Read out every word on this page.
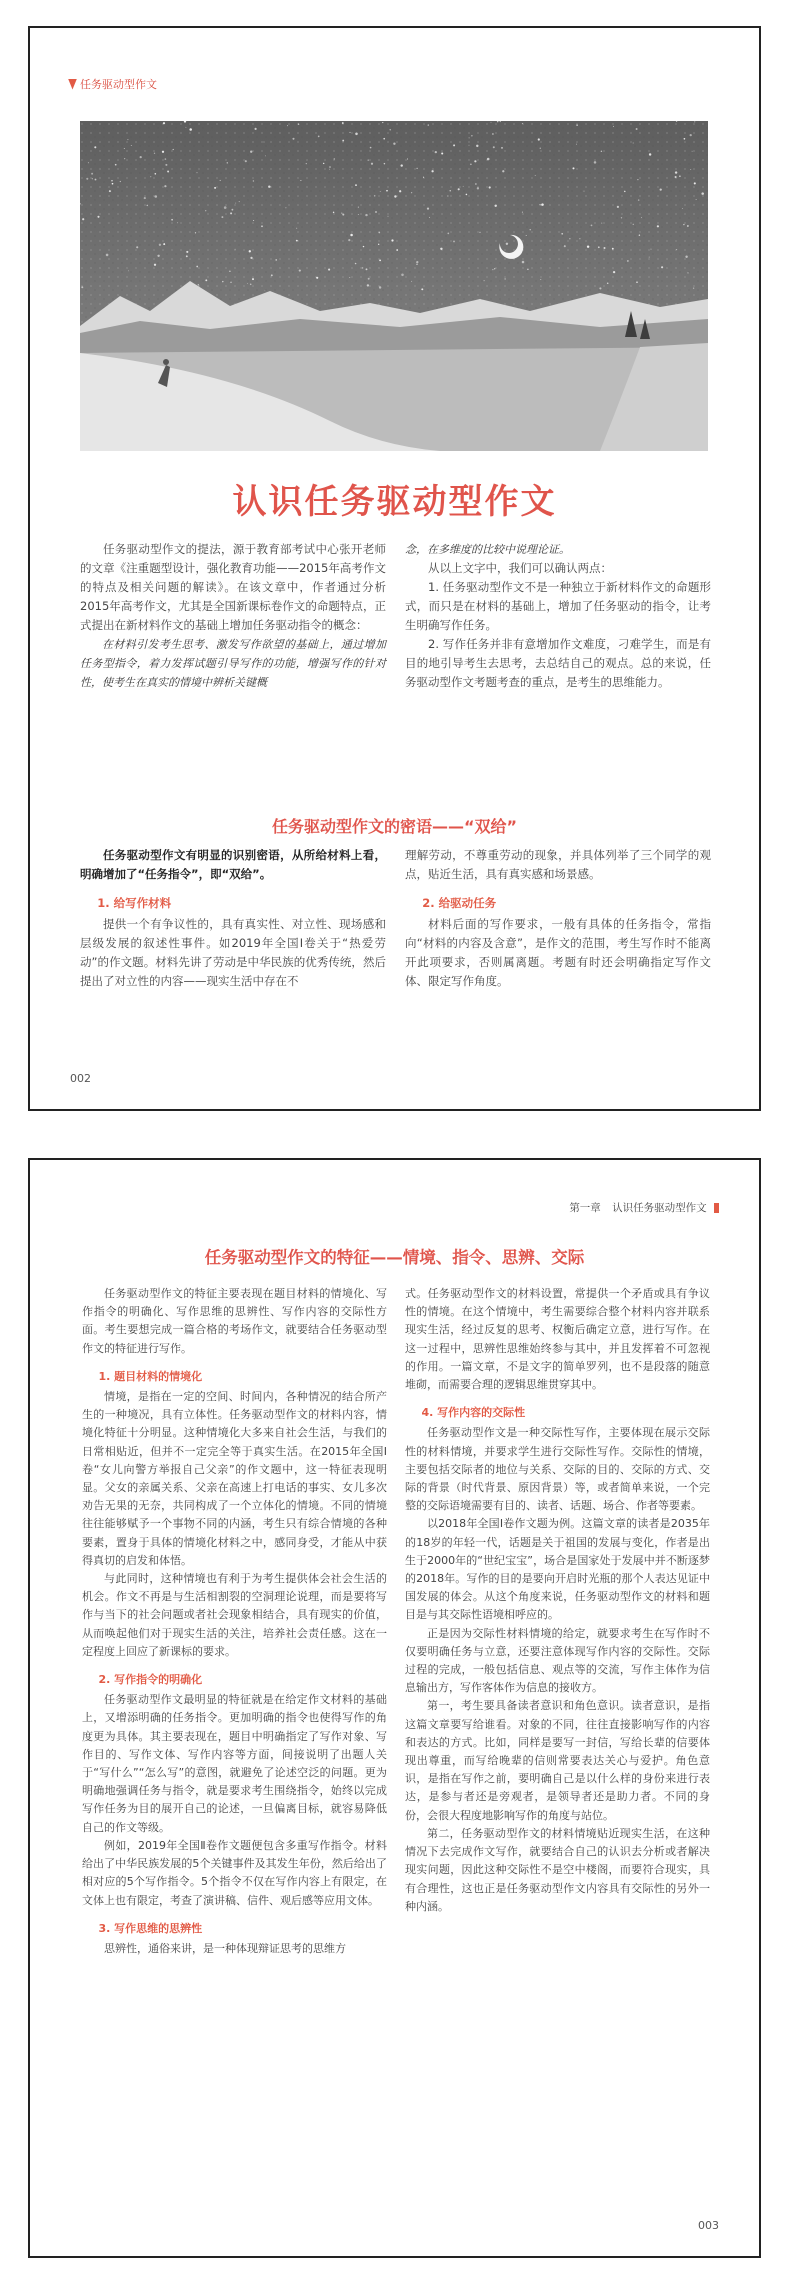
任务驱动型作文
认识任务驱动型作文

任务驱动型作文的提法，源于教育部考试中心张开老师的文章《注重题型设计，强化教育功能——2015年高考作文的特点及相关问题的解读》。在该文章中，作者通过分析2015年高考作文，尤其是全国新课标卷作文的命题特点，正式提出在新材料作文的基础上增加任务驱动指令的概念：

在材料引发考生思考、激发写作欲望的基础上，通过增加任务型指令，着力发挥试题引导写作的功能，增强写作的针对性，使考生在真实的情境中辨析关键概

念，在多维度的比较中说理论证。

从以上文字中，我们可以确认两点：

1. 任务驱动型作文不是一种独立于新材料作文的命题形式，而只是在材料的基础上，增加了任务驱动的指令，让考生明确写作任务。

2. 写作任务并非有意增加作文难度，刁难学生，而是有目的地引导考生去思考，去总结自己的观点。总的来说，任务驱动型作文考题考查的重点，是考生的思维能力。

任务驱动型作文的密语——“双给”

任务驱动型作文有明显的识别密语，从所给材料上看，明确增加了“任务指令”，即“双给”。

1. 给写作材料

提供一个有争议性的，具有真实性、对立性、现场感和层级发展的叙述性事件。如2019年全国Ⅰ卷关于“热爱劳动”的作文题。材料先讲了劳动是中华民族的优秀传统，然后提出了对立性的内容——现实生活中存在不

理解劳动，不尊重劳动的现象，并具体列举了三个同学的观点，贴近生活，具有真实感和场景感。

2. 给驱动任务

材料后面的写作要求，一般有具体的任务指令，常指向“材料的内容及含意”，是作文的范围，考生写作时不能离开此项要求，否则属离题。考题有时还会明确指定写作文体、限定写作角度。

002
第一章 认识任务驱动型作文
任务驱动型作文的特征——情境、指令、思辨、交际

任务驱动型作文的特征主要表现在题目材料的情境化、写作指令的明确化、写作思维的思辨性、写作内容的交际性方面。考生要想完成一篇合格的考场作文，就要结合任务驱动型作文的特征进行写作。

1. 题目材料的情境化

情境，是指在一定的空间、时间内，各种情况的结合所产生的一种境况，具有立体性。任务驱动型作文的材料内容，情境化特征十分明显。这种情境化大多来自社会生活，与我们的日常相贴近，但并不一定完全等于真实生活。在2015年全国Ⅰ卷“女儿向警方举报自己父亲”的作文题中，这一特征表现明显。父女的亲属关系、父亲在高速上打电话的事实、女儿多次劝告无果的无奈，共同构成了一个立体化的情境。不同的情境往往能够赋予一个事物不同的内涵，考生只有综合情境的各种要素，置身于具体的情境化材料之中，感同身受，才能从中获得真切的启发和体悟。

与此同时，这种情境也有利于为考生提供体会社会生活的机会。作文不再是与生活相割裂的空洞理论说理，而是要将写作与当下的社会问题或者社会现象相结合，具有现实的价值，从而唤起他们对于现实生活的关注，培养社会责任感。这在一定程度上回应了新课标的要求。

2. 写作指令的明确化

任务驱动型作文最明显的特征就是在给定作文材料的基础上，又增添明确的任务指令。更加明确的指令也使得写作的角度更为具体。其主要表现在，题目中明确指定了写作对象、写作目的、写作文体、写作内容等方面，间接说明了出题人关于“写什么”“怎么写”的意图，就避免了论述空泛的问题。更为明确地强调任务与指令，就是要求考生围绕指令，始终以完成写作任务为目的展开自己的论述，一旦偏离目标，就容易降低自己的作文等级。

例如，2019年全国Ⅱ卷作文题便包含多重写作指令。材料给出了中华民族发展的5个关键事件及其发生年份，然后给出了相对应的5个写作指令。5个指令不仅在写作内容上有限定，在文体上也有限定，考查了演讲稿、信件、观后感等应用文体。

3. 写作思维的思辨性

思辨性，通俗来讲，是一种体现辩证思考的思维方

式。任务驱动型作文的材料设置，常提供一个矛盾或具有争议性的情境。在这个情境中，考生需要综合整个材料内容并联系现实生活，经过反复的思考、权衡后确定立意，进行写作。在这一过程中，思辨性思维始终参与其中，并且发挥着不可忽视的作用。一篇文章，不是文字的简单罗列，也不是段落的随意堆砌，而需要合理的逻辑思维贯穿其中。

4. 写作内容的交际性

任务驱动型作文是一种交际性写作，主要体现在展示交际性的材料情境，并要求学生进行交际性写作。交际性的情境，主要包括交际者的地位与关系、交际的目的、交际的方式、交际的背景（时代背景、原因背景）等，或者简单来说，一个完整的交际语境需要有目的、读者、话题、场合、作者等要素。

以2018年全国Ⅰ卷作文题为例。这篇文章的读者是2035年的18岁的年轻一代，话题是关于祖国的发展与变化，作者是出生于2000年的“世纪宝宝”，场合是国家处于发展中并不断逐梦的2018年。写作的目的是要向开启时光瓶的那个人表达见证中国发展的体会。从这个角度来说，任务驱动型作文的材料和题目是与其交际性语境相呼应的。

正是因为交际性材料情境的给定，就要求考生在写作时不仅要明确任务与立意，还要注意体现写作内容的交际性。交际过程的完成，一般包括信息、观点等的交流，写作主体作为信息输出方，写作客体作为信息的接收方。

第一，考生要具备读者意识和角色意识。读者意识，是指这篇文章要写给谁看。对象的不同，往往直接影响写作的内容和表达的方式。比如，同样是要写一封信，写给长辈的信要体现出尊重，而写给晚辈的信则常要表达关心与爱护。角色意识，是指在写作之前，要明确自己是以什么样的身份来进行表达，是参与者还是旁观者，是领导者还是助力者。不同的身份，会很大程度地影响写作的角度与站位。

第二，任务驱动型作文的材料情境贴近现实生活，在这种情况下去完成作文写作，就要结合自己的认识去分析或者解决现实问题，因此这种交际性不是空中楼阁，而要符合现实，具有合理性，这也正是任务驱动型作文内容具有交际性的另外一种内涵。

003
